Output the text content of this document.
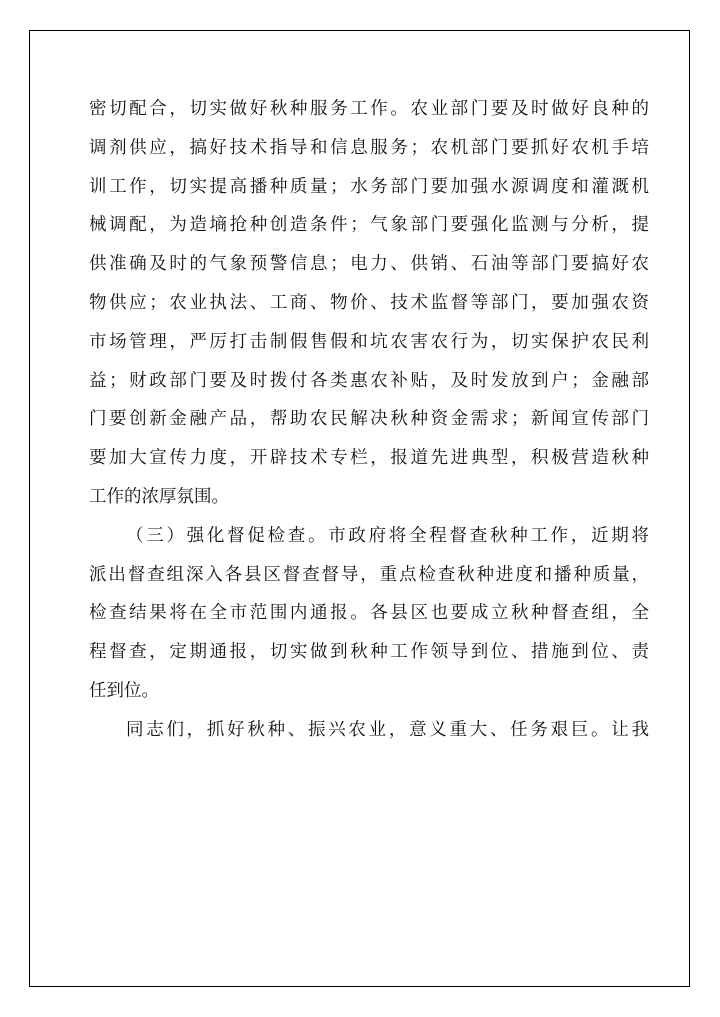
密切配合，切实做好秋种服务工作。农业部门要及时做好良种的
调剂供应，搞好技术指导和信息服务；农机部门要抓好农机手培
训工作，切实提高播种质量；水务部门要加强水源调度和灌溉机
械调配，为造墒抢种创造条件；气象部门要强化监测与分析，提
供准确及时的气象预警信息；电力、供销、石油等部门要搞好农
物供应；农业执法、工商、物价、技术监督等部门，要加强农资
市场管理，严厉打击制假售假和坑农害农行为，切实保护农民利
益；财政部门要及时拨付各类惠农补贴，及时发放到户；金融部
门要创新金融产品，帮助农民解决秋种资金需求；新闻宣传部门
要加大宣传力度，开辟技术专栏，报道先进典型，积极营造秋种
工作的浓厚氛围。
（三）强化督促检查。市政府将全程督查秋种工作，近期将
派出督查组深入各县区督查督导，重点检查秋种进度和播种质量，
检查结果将在全市范围内通报。各县区也要成立秋种督查组，全
程督查，定期通报，切实做到秋种工作领导到位、措施到位、责
任到位。
同志们，抓好秋种、振兴农业，意义重大、任务艰巨。让我
